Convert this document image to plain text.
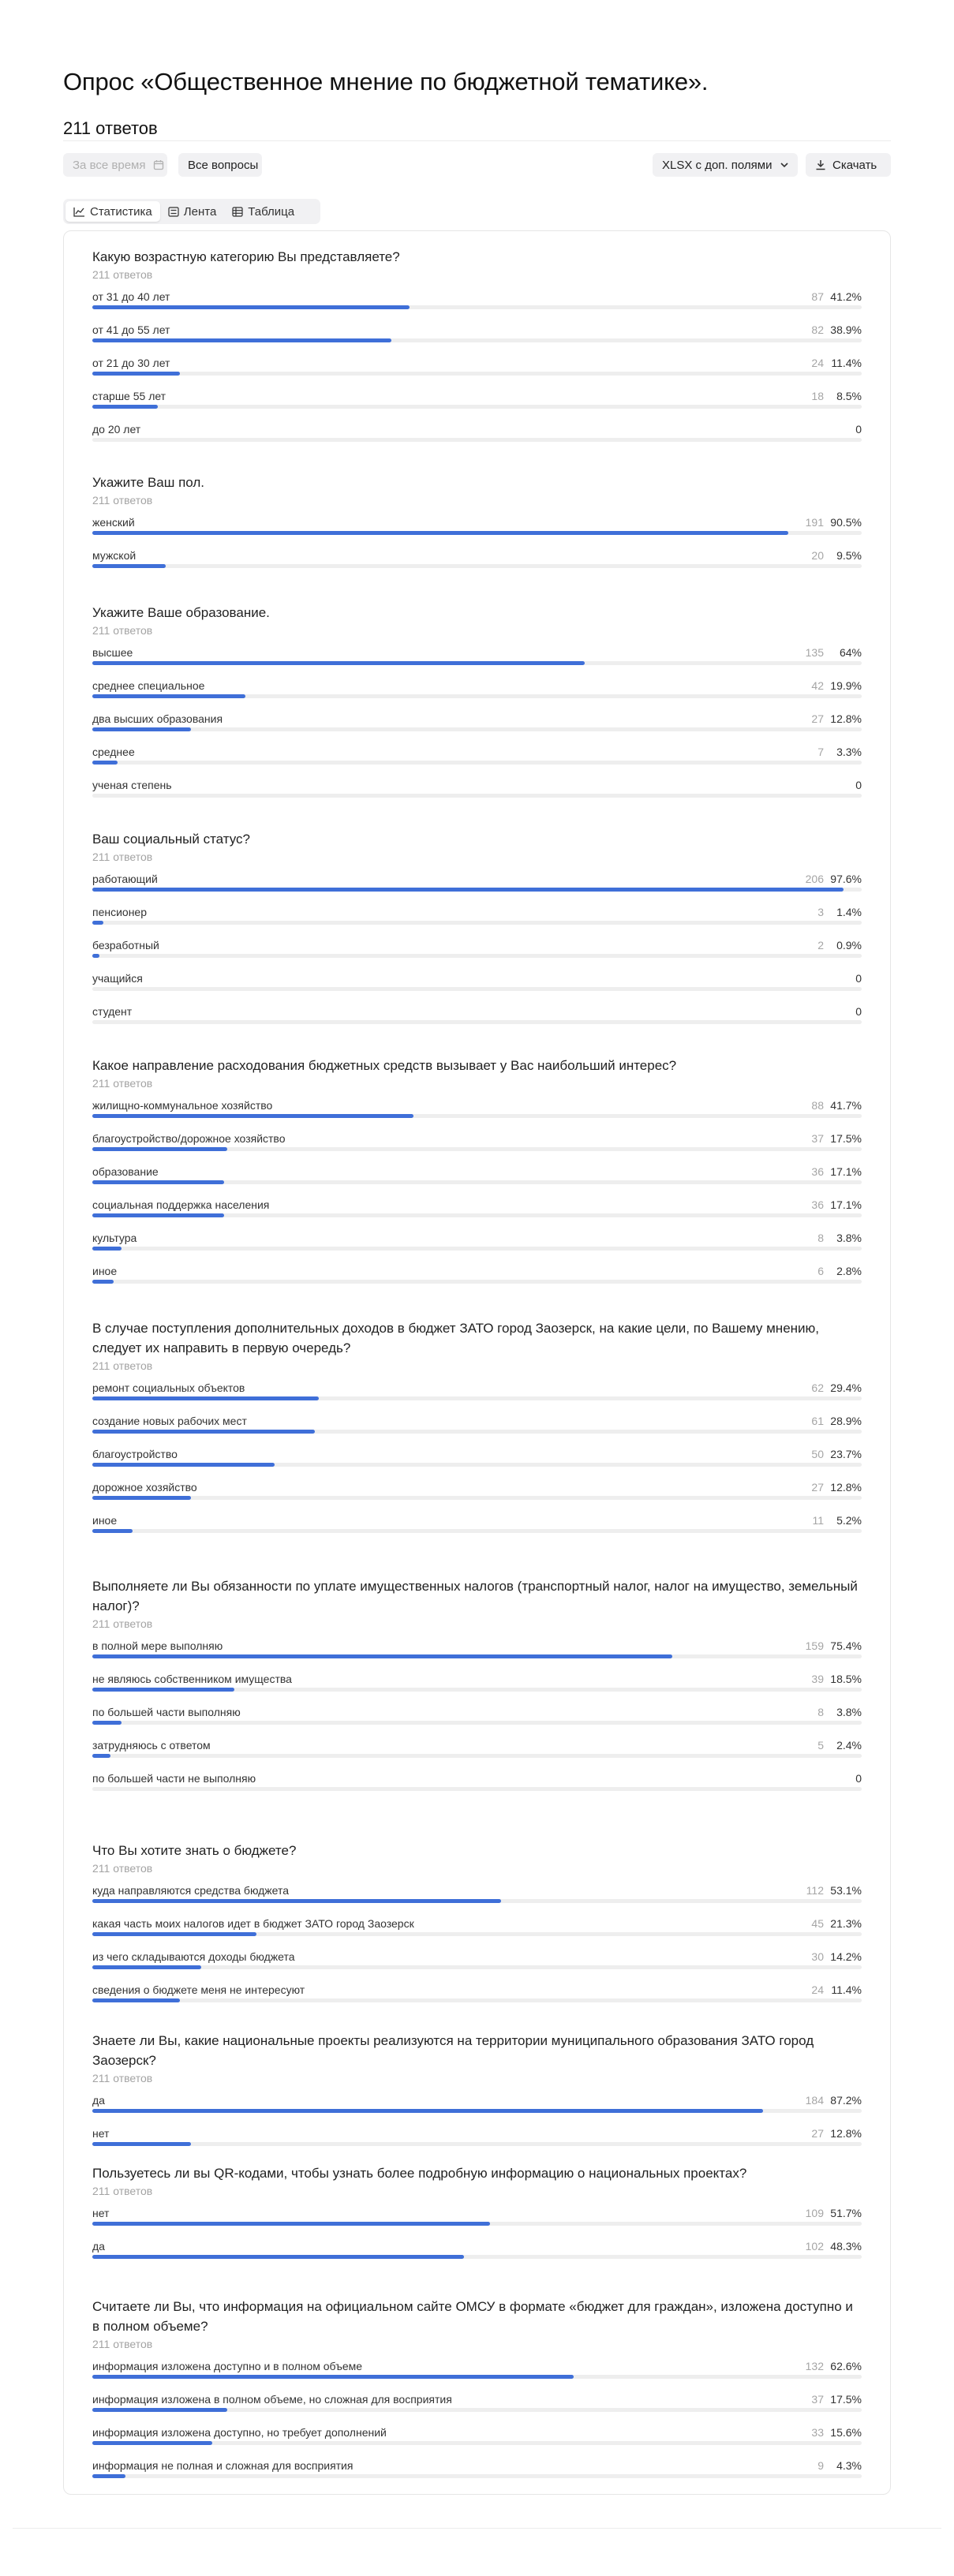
Опрос «Общественное мнение по бюджетной тематике».
211 ответов
За все время	Все вопросы	XLSX с доп. полями	Скачать
Статистика	Лента	Таблица
Какую возрастную категорию Вы представляете?
211 ответов
от 31 до 40 лет	87 41.2%
от 41 до 55 лет	82 38.9%
от 21 до 30 лет	24 11.4%
старше 55 лет	18 8.5%
до 20 лет	0
Укажите Ваш пол.
211 ответов
женский	191 90.5%
мужской	20 9.5%
Укажите Ваше образование.
211 ответов
высшее	135 64%
среднее специальное	42 19.9%
два высших образования	27 12.8%
среднее	7 3.3%
ученая степень	0
Ваш социальный статус?
211 ответов
работающий	206 97.6%
пенсионер	3 1.4%
безработный	2 0.9%
учащийся	0
студент	0
Какое направление расходования бюджетных средств вызывает у Вас наибольший интерес?
211 ответов
жилищно-коммунальное хозяйство	88 41.7%
благоустройство/дорожное хозяйство	37 17.5%
образование	36 17.1%
социальная поддержка населения	36 17.1%
культура	8 3.8%
иное	6 2.8%
В случае поступления дополнительных доходов в бюджет ЗАТО город Заозерск, на какие цели, по Вашему мнению, следует их направить в первую очередь?
211 ответов
ремонт социальных объектов	62 29.4%
создание новых рабочих мест	61 28.9%
благоустройство	50 23.7%
дорожное хозяйство	27 12.8%
иное	11 5.2%
Выполняете ли Вы обязанности по уплате имущественных налогов (транспортный налог, налог на имущество, земельный налог)?
211 ответов
в полной мере выполняю	159 75.4%
не являюсь собственником имущества	39 18.5%
по большей части выполняю	8 3.8%
затрудняюсь с ответом	5 2.4%
по большей части не выполняю	0
Что Вы хотите знать о бюджете?
211 ответов
куда направляются средства бюджета	112 53.1%
какая часть моих налогов идет в бюджет ЗАТО город Заозерск	45 21.3%
из чего складываются доходы бюджета	30 14.2%
сведения о бюджете меня не интересуют	24 11.4%
Знаете ли Вы, какие национальные проекты реализуются на территории муниципального образования ЗАТО город Заозерск?
211 ответов
да	184 87.2%
нет	27 12.8%
Пользуетесь ли вы QR-кодами, чтобы узнать более подробную информацию о национальных проектах?
211 ответов
нет	109 51.7%
да	102 48.3%
Считаете ли Вы, что информация на официальном сайте ОМСУ в формате «бюджет для граждан», изложена доступно и в полном объеме?
211 ответов
информация изложена доступно и в полном объеме	132 62.6%
информация изложена в полном объеме, но сложная для восприятия	37 17.5%
информация изложена доступно, но требует дополнений	33 15.6%
информация не полная и сложная для восприятия	9 4.3%
